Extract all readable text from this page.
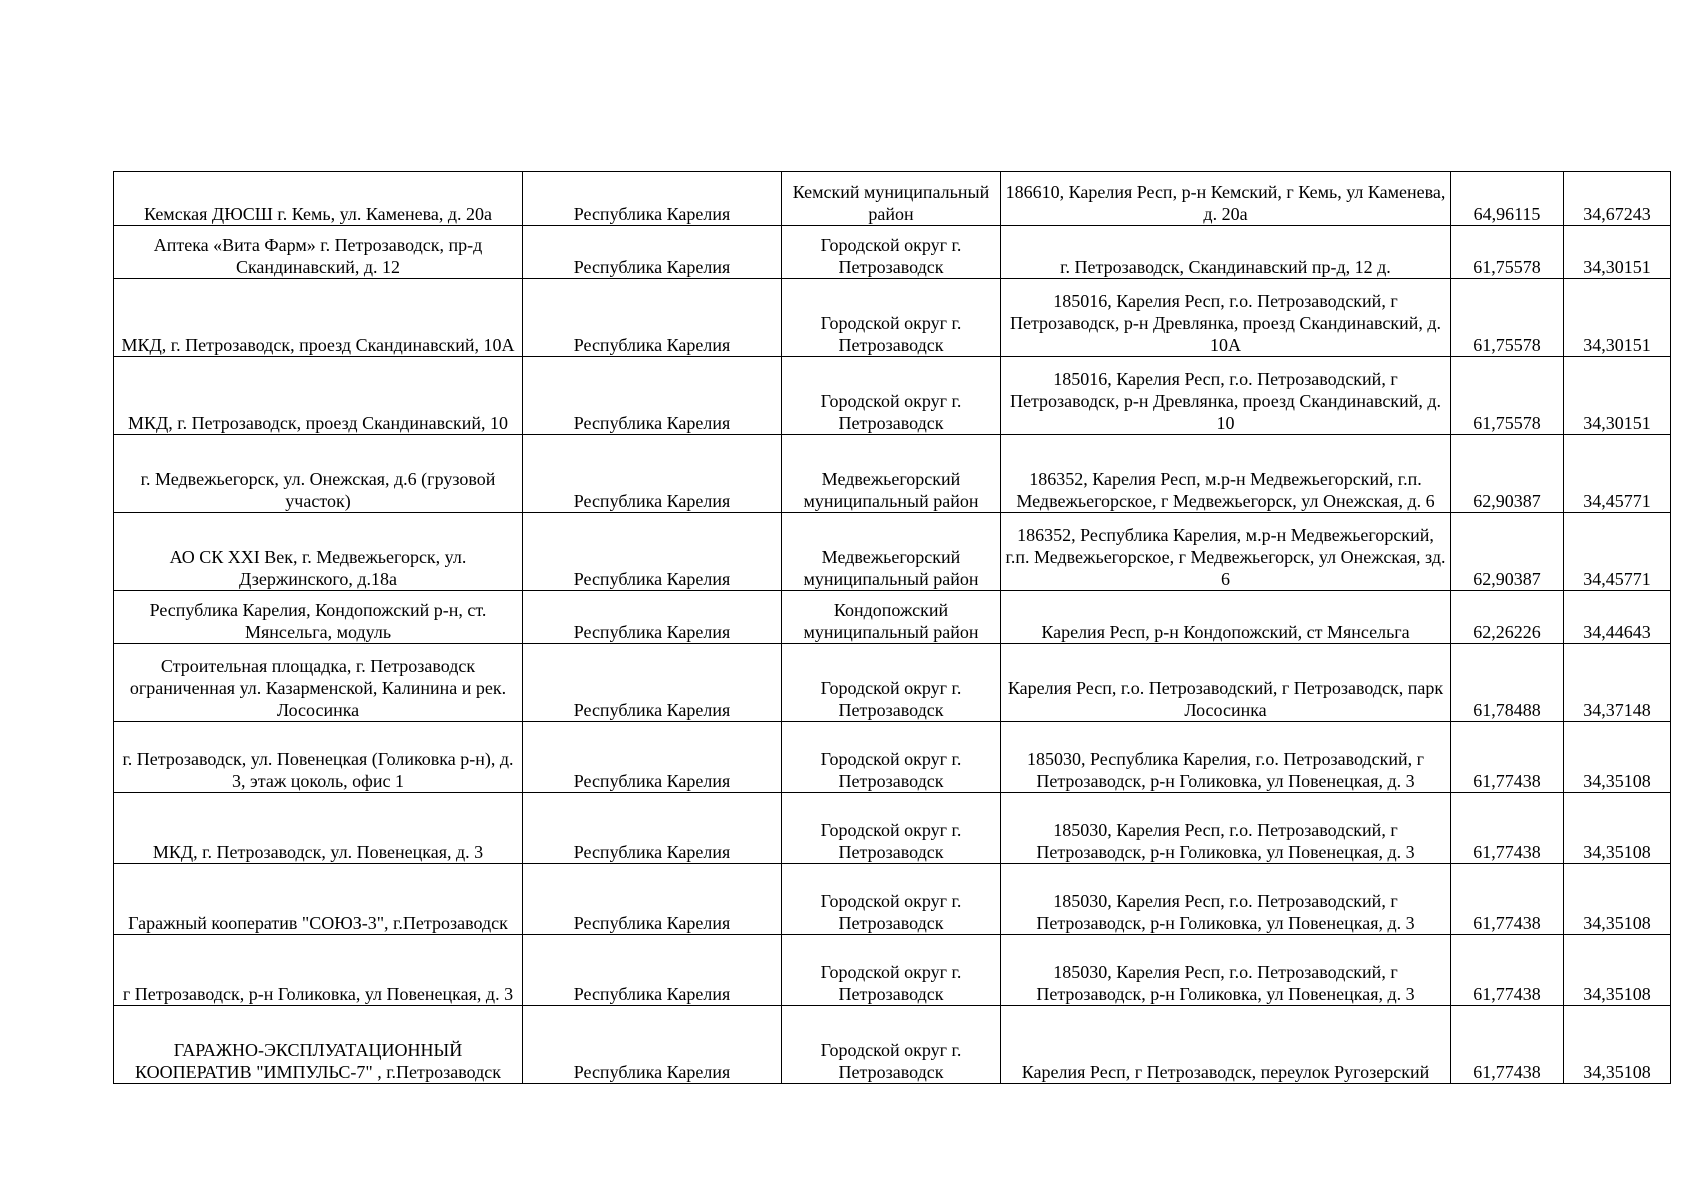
Кемская ДЮСШ г. Кемь, ул. Каменева, д. 20а	Республика Карелия	Кемский муниципальный район	186610, Карелия Респ, р-н Кемский, г Кемь, ул Каменева, д. 20а	64,96115	34,67243
Аптека «Вита Фарм» г. Петрозаводск, пр-д Скандинавский, д. 12	Республика Карелия	Городской округ г. Петрозаводск	г. Петрозаводск, Скандинавский пр-д, 12 д.	61,75578	34,30151
МКД, г. Петрозаводск, проезд Скандинавский, 10А	Республика Карелия	Городской округ г. Петрозаводск	185016, Карелия Респ, г.о. Петрозаводский, г Петрозаводск, р-н Древлянка, проезд Скандинавский, д. 10А	61,75578	34,30151
МКД, г. Петрозаводск, проезд Скандинавский, 10	Республика Карелия	Городской округ г. Петрозаводск	185016, Карелия Респ, г.о. Петрозаводский, г Петрозаводск, р-н Древлянка, проезд Скандинавский, д. 10	61,75578	34,30151
г. Медвежьегорск, ул. Онежская, д.6 (грузовой участок)	Республика Карелия	Медвежьегорский муниципальный район	186352, Карелия Респ, м.р-н Медвежьегорский, г.п. Медвежьегорское, г Медвежьегорск, ул Онежская, д. 6	62,90387	34,45771
АО СК XXI Век, г. Медвежьегорск, ул. Дзержинского, д.18а	Республика Карелия	Медвежьегорский муниципальный район	186352, Республика Карелия, м.р-н Медвежьегорский, г.п. Медвежьегорское, г Медвежьегорск, ул Онежская, зд. 6	62,90387	34,45771
Республика Карелия, Кондопожский р-н, ст. Мянсельга, модуль	Республика Карелия	Кондопожский муниципальный район	Карелия Респ, р-н Кондопожский, ст Мянсельга	62,26226	34,44643
Строительная площадка, г. Петрозаводск ограниченная ул. Казарменской, Калинина и рек. Лососинка	Республика Карелия	Городской округ г. Петрозаводск	Карелия Респ, г.о. Петрозаводский, г Петрозаводск, парк Лососинка	61,78488	34,37148
г. Петрозаводск, ул. Повенецкая (Голиковка р-н), д. 3, этаж цоколь, офис 1	Республика Карелия	Городской округ г. Петрозаводск	185030, Республика Карелия, г.о. Петрозаводский, г Петрозаводск, р-н Голиковка, ул Повенецкая, д. 3	61,77438	34,35108
МКД, г. Петрозаводск, ул. Повенецкая, д. 3	Республика Карелия	Городской округ г. Петрозаводск	185030, Карелия Респ, г.о. Петрозаводский, г Петрозаводск, р-н Голиковка, ул Повенецкая, д. 3	61,77438	34,35108
Гаражный кооператив "СОЮЗ-3", г.Петрозаводск	Республика Карелия	Городской округ г. Петрозаводск	185030, Карелия Респ, г.о. Петрозаводский, г Петрозаводск, р-н Голиковка, ул Повенецкая, д. 3	61,77438	34,35108
г Петрозаводск, р-н Голиковка, ул Повенецкая, д. 3	Республика Карелия	Городской округ г. Петрозаводск	185030, Карелия Респ, г.о. Петрозаводский, г Петрозаводск, р-н Голиковка, ул Повенецкая, д. 3	61,77438	34,35108
ГАРАЖНО-ЭКСПЛУАТАЦИОННЫЙ КООПЕРАТИВ "ИМПУЛЬС-7" , г.Петрозаводск	Республика Карелия	Городской округ г. Петрозаводск	Карелия Респ, г Петрозаводск, переулок Ругозерский	61,77438	34,35108
